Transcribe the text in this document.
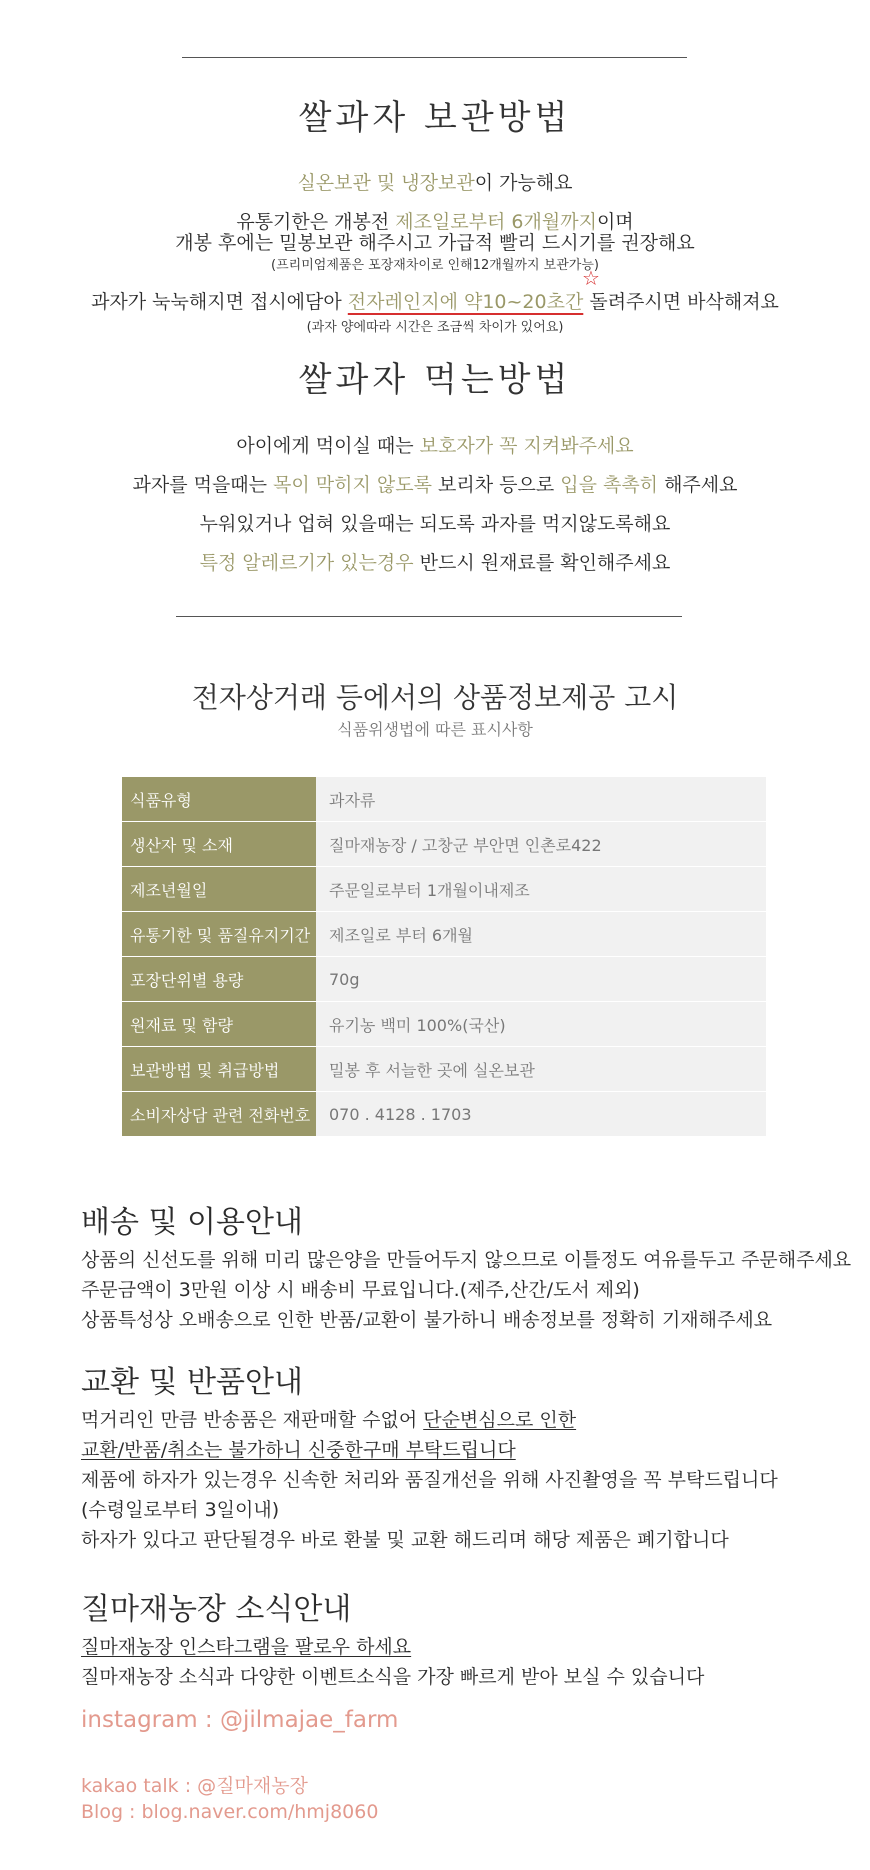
쌀과자 보관방법
실온보관 및 냉장보관이 가능해요
유통기한은 개봉전 제조일로부터 6개월까지이며
개봉 후에는 밀봉보관 해주시고 가급적 빨리 드시기를 권장해요
(프리미엄제품은 포장재차이로 인해12개월까지 보관가능)
과자가 눅눅해지면 접시에담아 전자레인지에 약10~20초간 돌려주시면 바삭해져요
☆
(과자 양에따라 시간은 조금씩 차이가 있어요)
쌀과자 먹는방법
아이에게 먹이실 때는 보호자가 꼭 지켜봐주세요
과자를 먹을때는 목이 막히지 않도록 보리차 등으로 입을 촉촉히 해주세요
누워있거나 업혀 있을때는 되도록 과자를 먹지않도록해요
특정 알레르기가 있는경우 반드시 원재료를 확인해주세요
전자상거래 등에서의 상품정보제공 고시
식품위생법에 따른 표시사항
식품유형	과자류
생산자 및 소재	질마재농장 / 고창군 부안면 인촌로422
제조년월일	주문일로부터 1개월이내제조
유통기한 및 품질유지기간	제조일로 부터 6개월
포장단위별 용량	70g
원재료 및 함량	유기농 백미 100%(국산)
보관방법 및 취급방법	밀봉 후 서늘한 곳에 실온보관
소비자상담 관련 전화번호	070 . 4128 . 1703
배송 및 이용안내
상품의 신선도를 위해 미리 많은양을 만들어두지 않으므로 이틀정도 여유를두고 주문해주세요
주문금액이 3만원 이상 시 배송비 무료입니다.(제주,산간/도서 제외)
상품특성상 오배송으로 인한 반품/교환이 불가하니 배송정보를 정확히 기재해주세요
교환 및 반품안내
먹거리인 만큼 반송품은 재판매할 수없어 단순변심으로 인한
교환/반품/취소는 불가하니 신중한구매 부탁드립니다
제품에 하자가 있는경우 신속한 처리와 품질개선을 위해 사진촬영을 꼭 부탁드립니다
(수령일로부터 3일이내)
하자가 있다고 판단될경우 바로 환불 및 교환 해드리며 해당 제품은 폐기합니다
질마재농장 소식안내
질마재농장 인스타그램을 팔로우 하세요
질마재농장 소식과 다양한 이벤트소식을 가장 빠르게 받아 보실 수 있습니다
instagram : @jilmajae_farm
kakao talk : @질마재농장
Blog : blog.naver.com/hmj8060
